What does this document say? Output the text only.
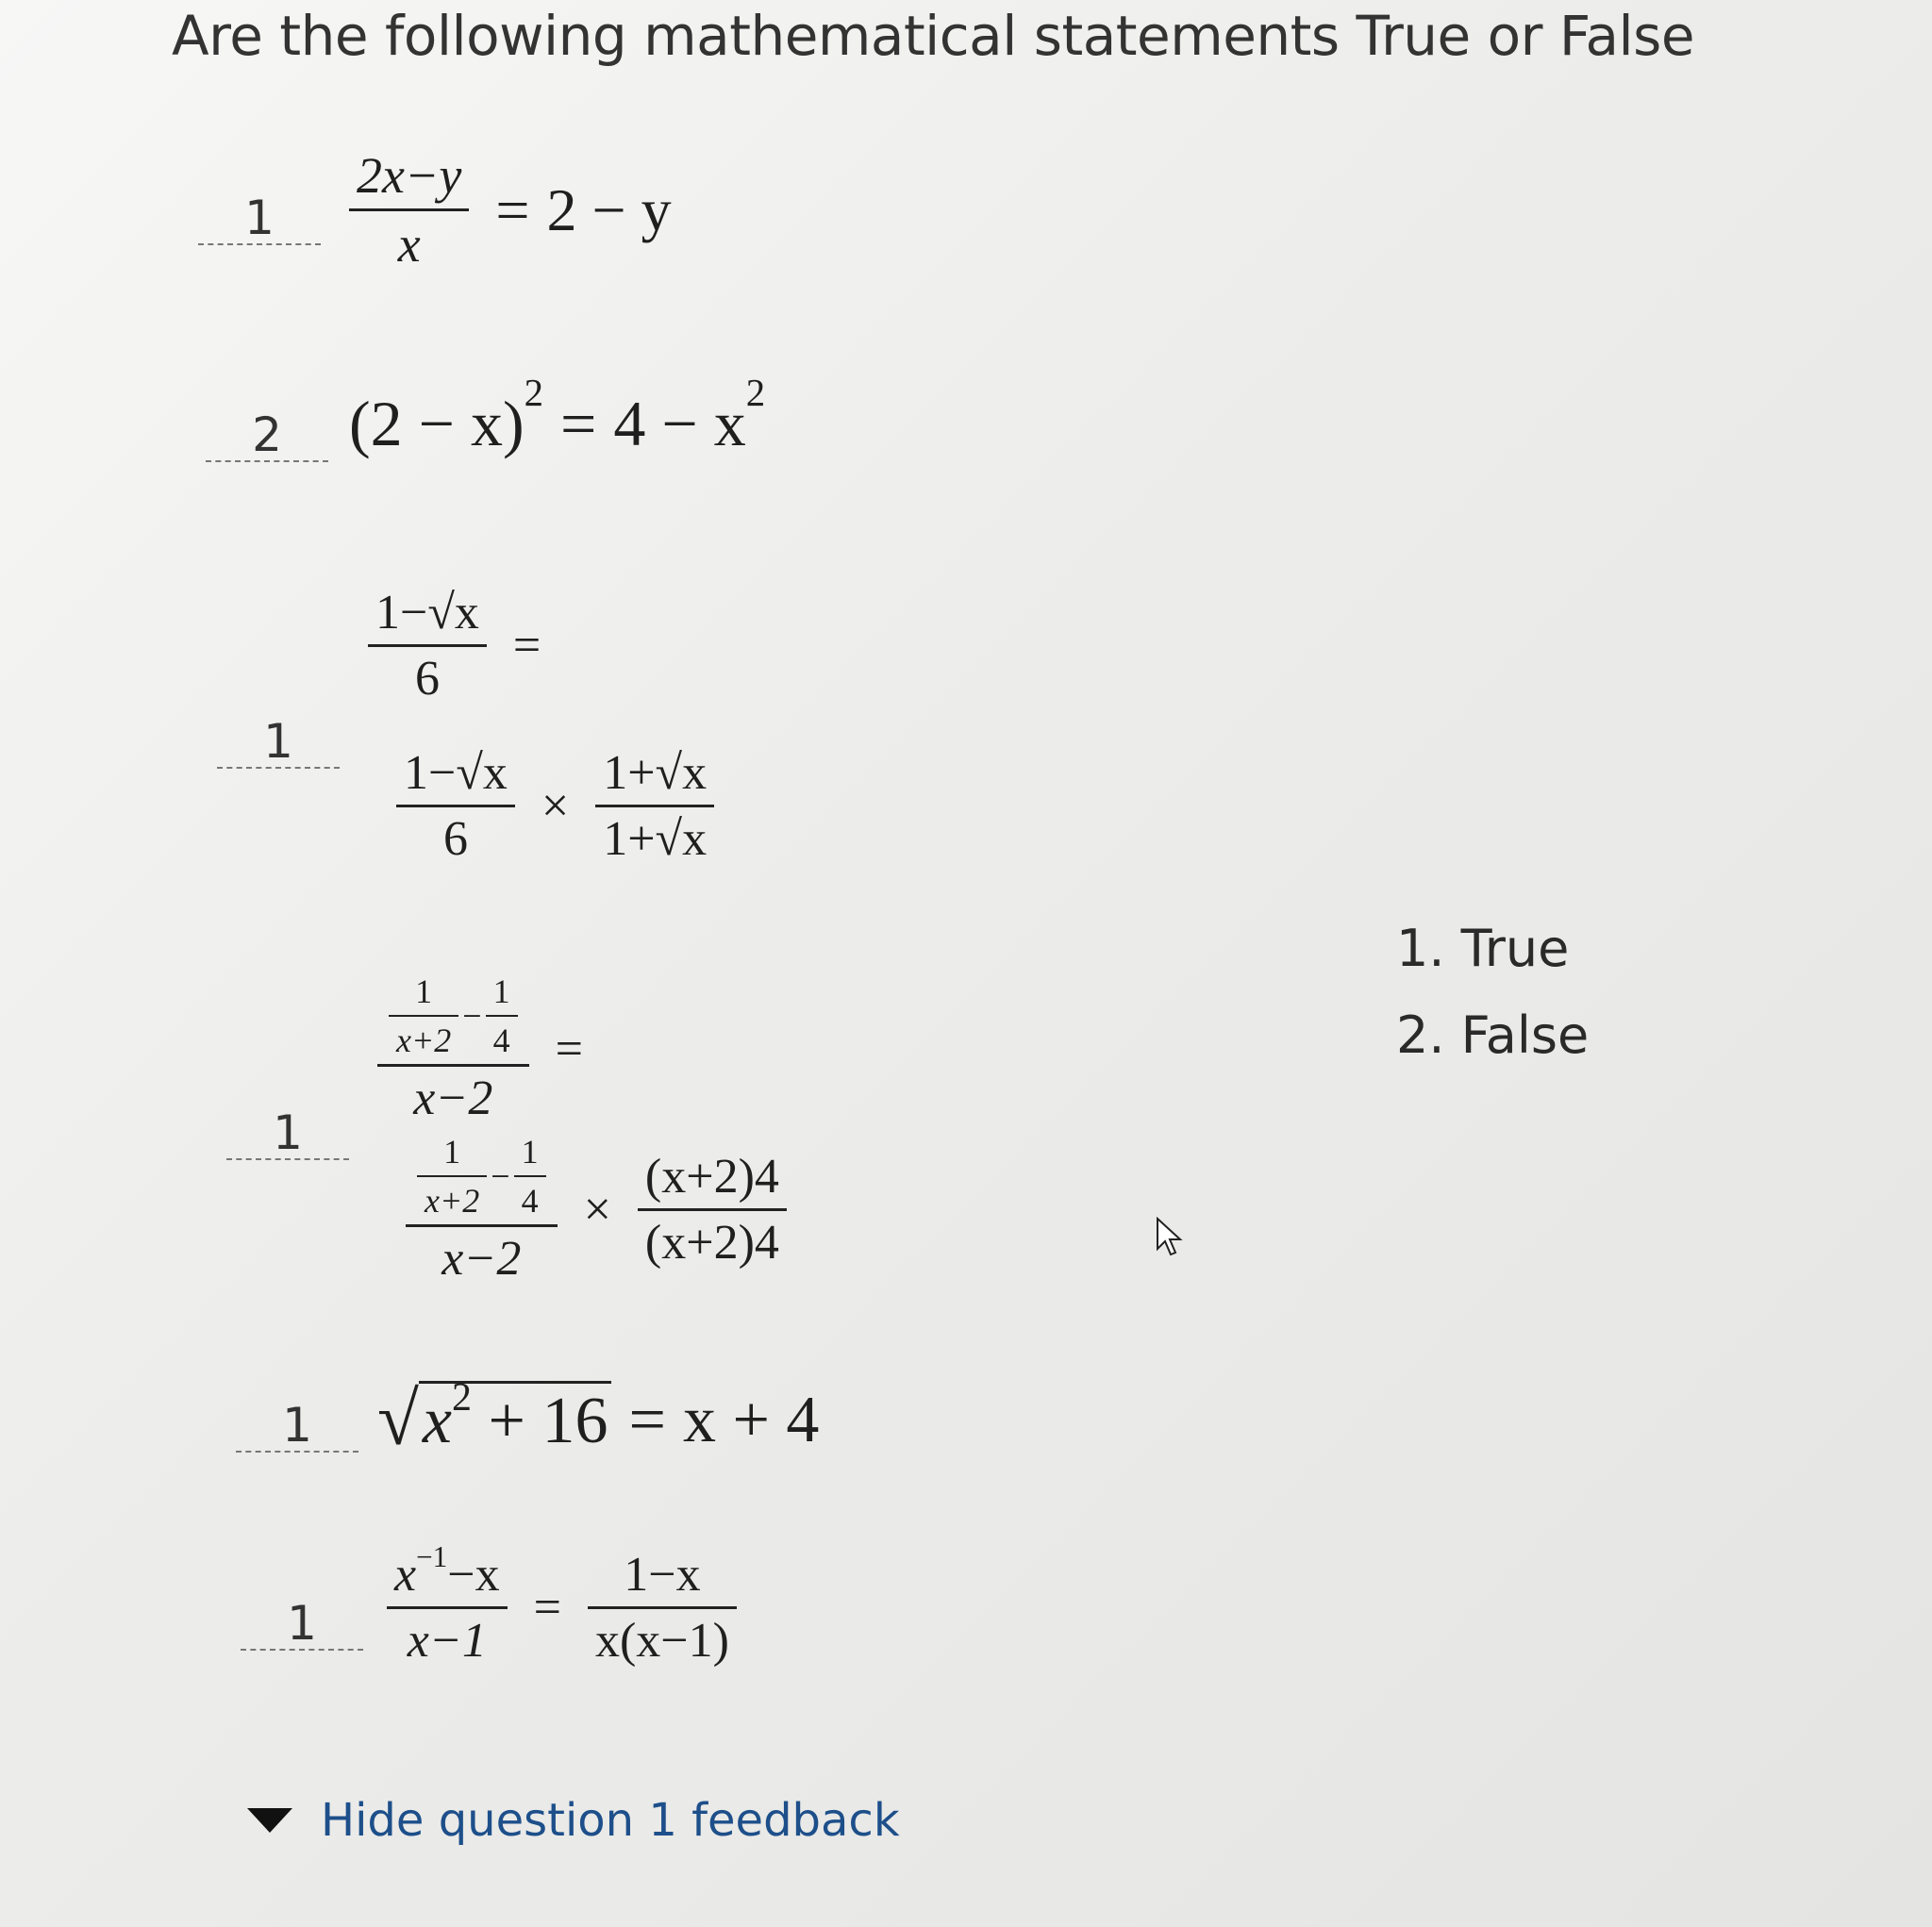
Are the following mathematical statements True or False
1	$\frac{2x-y}{x} = 2 - y$
2	(2 − x) 2 = 4 − x 2
1
$\frac{1-√x}{6}$ =
$\frac{1-√x}{6} \times \frac{1+√x}{1+√x}$
1
$\frac{\frac{1}{x+2} - \frac{1}{4}}{x-2}$ =
$\frac{\frac{1}{x+2} - \frac{1}{4}}{x-2} \times \frac{(x+2)4}{(x+2)4}$
1 √ $x^2 + 16 = x + 4$
1	$\frac{x^{-1}-x}{x-1} = \frac{1-x}{x(x-1)}$
1. True
2. False
Hide question 1 feedback
